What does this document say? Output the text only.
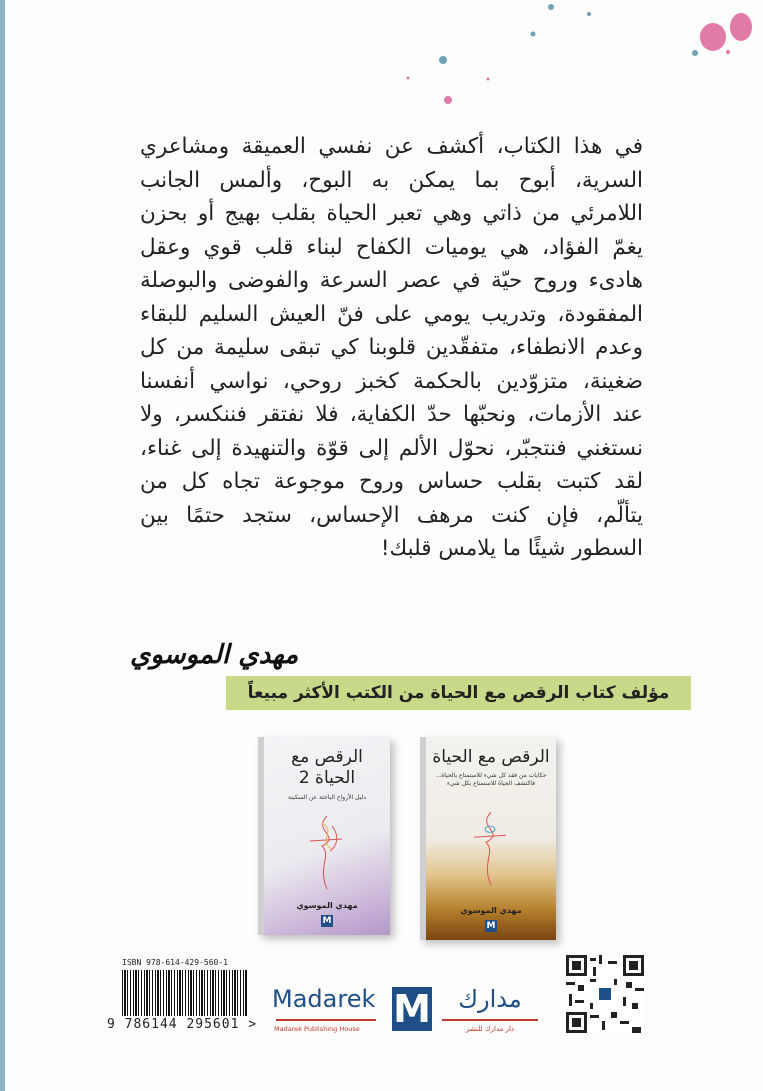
في هذا الكتاب، أكشف عن نفسي العميقة ومشاعري
السرية، أبوح بما يمكن به البوح، وألمس الجانب
اللامرئي من ذاتي وهي تعبر الحياة بقلب بهيج أو بحزن
يغمّ الفؤاد، هي يوميات الكفاح لبناء قلب قوي وعقل
هادىء وروح حيّة في عصر السرعة والفوضى والبوصلة
المفقودة، وتدريب يومي على فنّ العيش السليم للبقاء
وعدم الانطفاء، متفقّدين قلوبنا كي تبقى سليمة من كل
ضغينة، متزوّدين بالحكمة كخبز روحي، نواسي أنفسنا
عند الأزمات، ونحبّها حدّ الكفاية، فلا نفتقر فننكسر، ولا
نستغني فنتجبّر، نحوّل الألم إلى قوّة والتنهيدة إلى غناء،
لقد كتبت بقلب حساس وروح موجوعة تجاه كل من
يتألّم، فإن كنت مرهف الإحساس، ستجد حتمًا بين
السطور شيئًا ما يلامس قلبك!
مهدي الموسوي
مؤلف كتاب الرقص مع الحياة من الكتب الأكثر مبيعاً
الرقص مع الحياة 2
دليل الأرواح الباحثة عن السكينة
مهدي الموسوي
M
الرقص مع الحياة
حكايات من فقد كل شيء للاستمتاع بالحياة... فاكتشف الحياة للاستمتاع بكل شيء
مهدي الموسوي
M
ISBN 978-614-429-560-1
9 786144 295601 >
Madarek
Madarek Publishing House M	مدارك
دار مدارك للنشر
